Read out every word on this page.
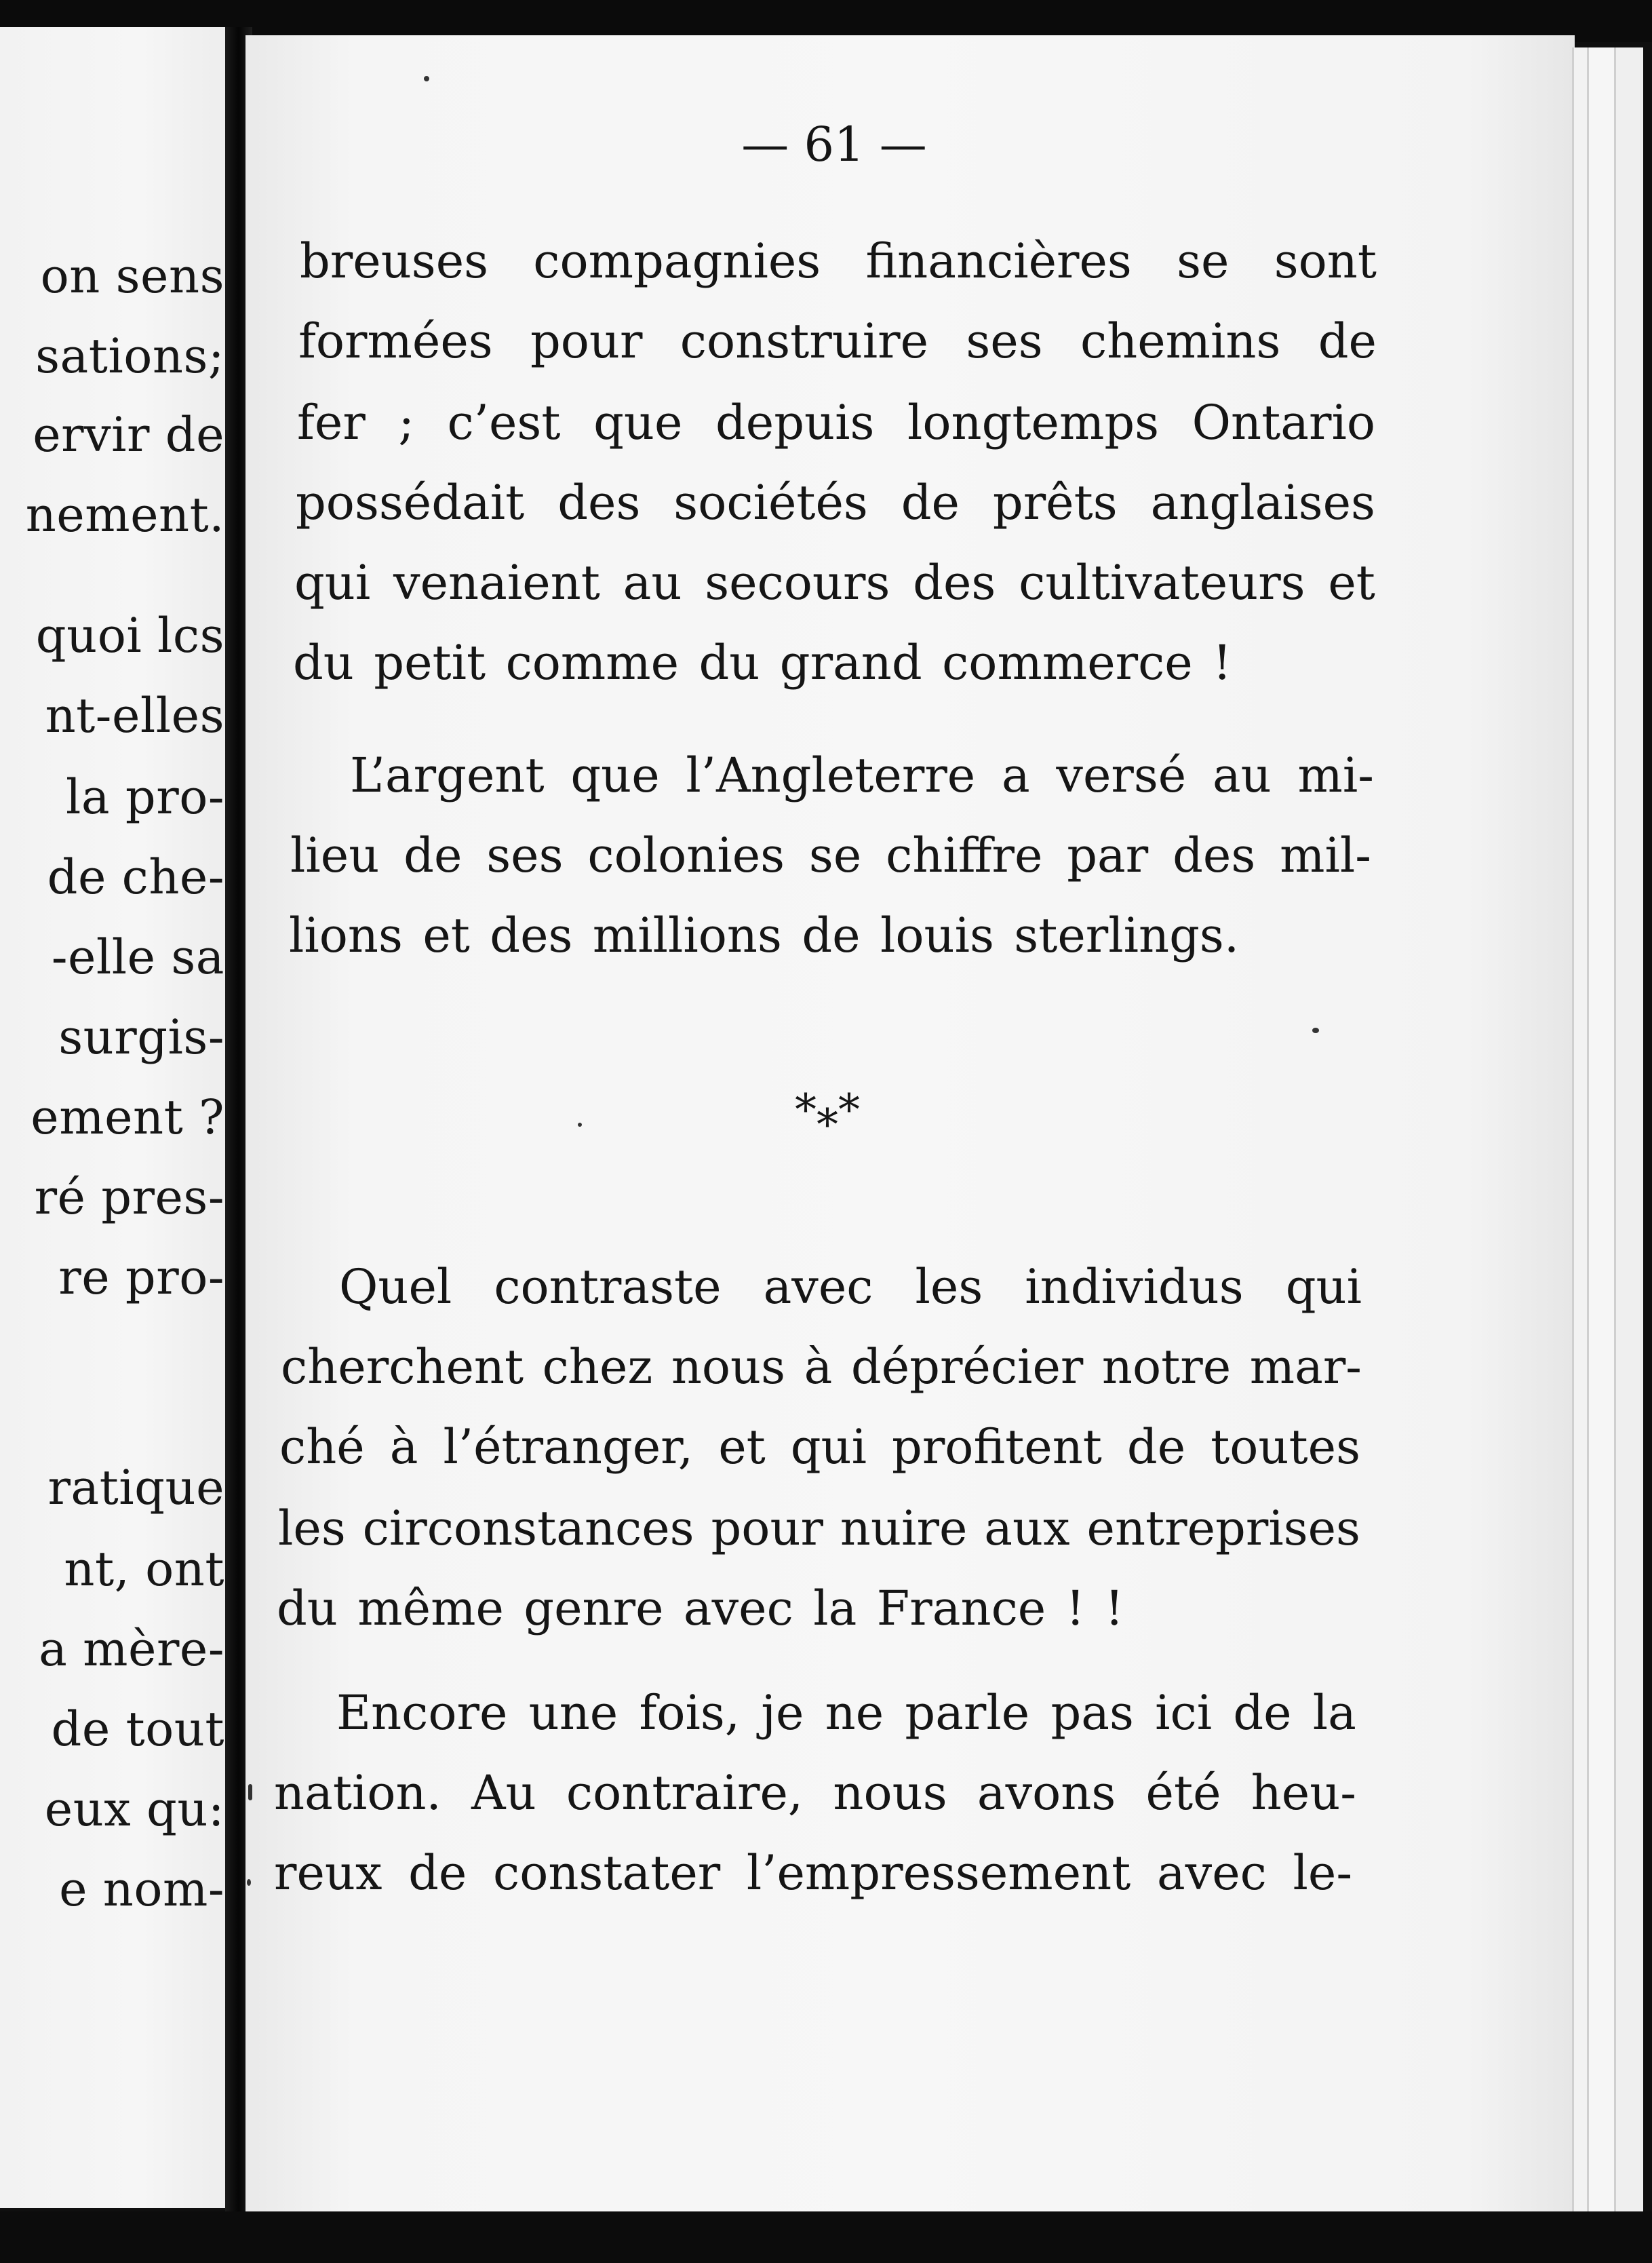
on sens
sations;
ervir de
nement.
quoi lcs
nt-elles
la pro-
de che-
-elle sa
surgis-
ement ?
ré pres-
re pro-
ratique
nt, ont
a mère-
de tout
eux qu:
e nom-
— 61 —
breuses compagnies financières se sont
formées pour construire ses chemins de
fer ; c’est que depuis longtemps Ontario
possédait des sociétés de prêts anglaises
qui venaient au secours des cultivateurs et
du petit comme du grand commerce !
L’argent que l’Angleterre a versé au mi-
lieu de ses colonies se chiffre par des mil-
lions et des millions de louis sterlings.
***
Quel contraste avec les individus qui
cherchent chez nous à déprécier notre mar-
ché à l’étranger, et qui profitent de toutes
les circonstances pour nuire aux entreprises
du même genre avec la France ! !
Encore une fois, je ne parle pas ici de la
nation. Au contraire, nous avons été heu-
reux de constater l’empressement avec le-
